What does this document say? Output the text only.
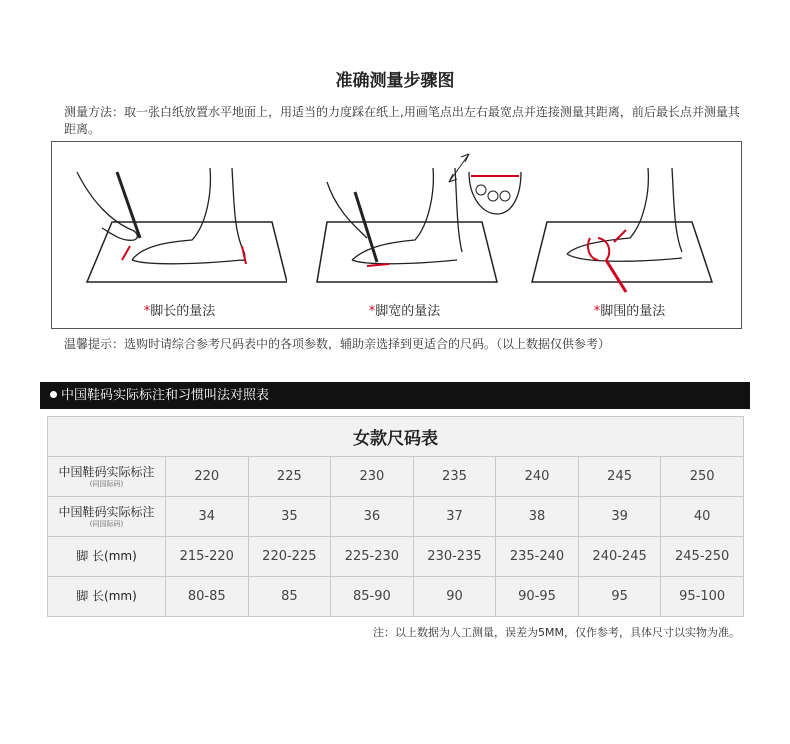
准确测量步骤图
测量方法：取一张白纸放置水平地面上，用适当的力度踩在纸上,用画笔点出左右最宽点并连接测量其距离，前后最长点并测量其距离。
*脚长的量法	*脚宽的量法	*脚围的量法
温馨提示：选购时请综合参考尺码表中的各项参数，辅助亲选择到更适合的尺码。（以上数据仅供参考）
中国鞋码实际标注和习惯叫法对照表
女款尺码表							

中国鞋码实际标注
(同国际码)	220	225	230	235	240	245	250

中国鞋码实际标注
(同国际码)	34	35	36	37	38	39	40

脚 长(mm)	215-220	220-225	225-230	230-235	235-240	240-245	245-250

脚 长(mm)	80-85	85	85-90	90	90-95	95	95-100
注：以上数据为人工测量，误差为5MM，仅作参考，具体尺寸以实物为准。
